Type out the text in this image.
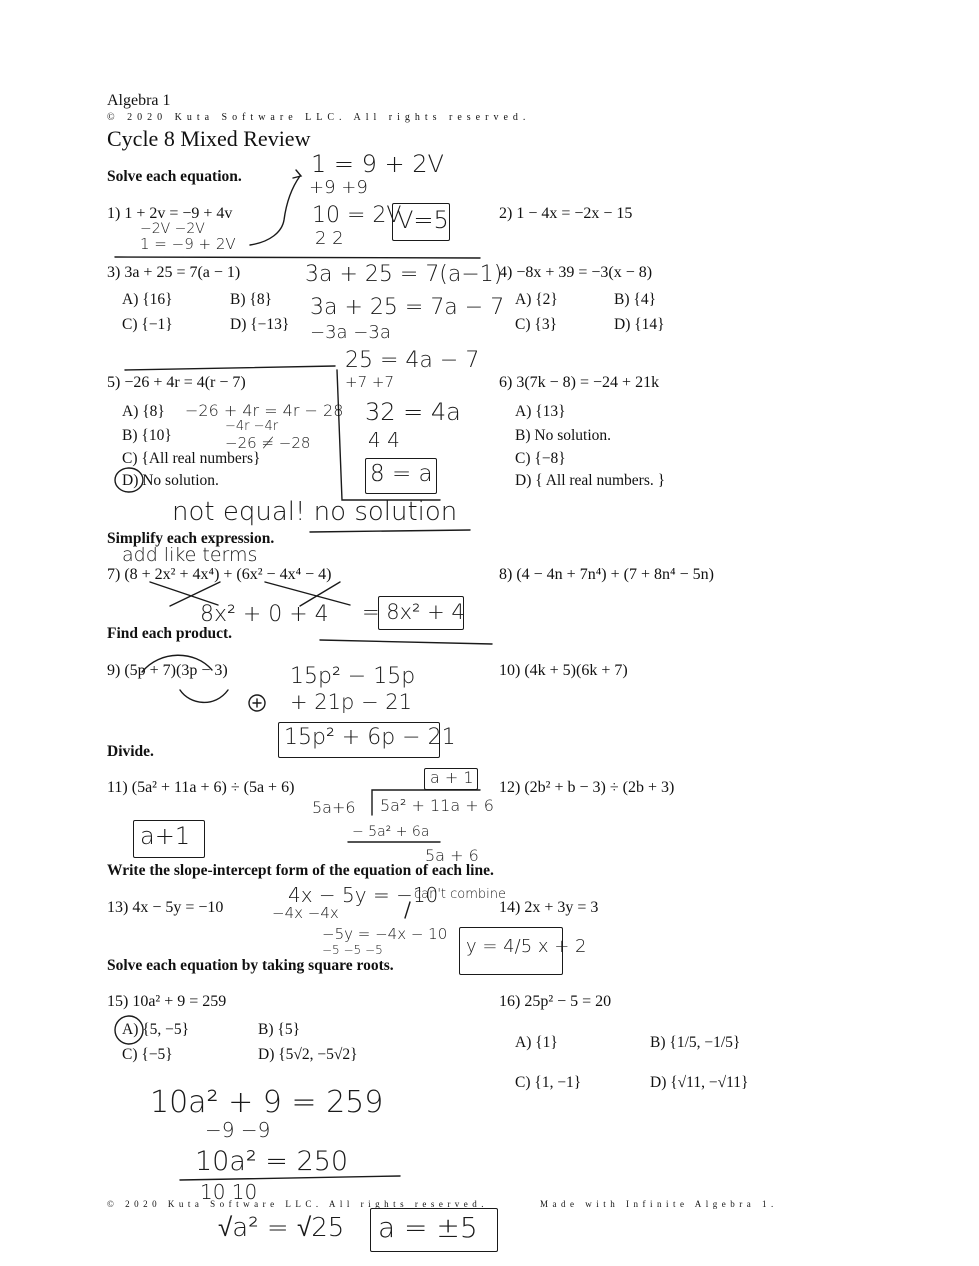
Algebra 1
© 2020 Kuta Software LLC. All rights reserved.
Cycle 8 Mixed Review
Solve each equation.
1) 1 + 2v = −9 + 4v	2) 1 − 4x = −2x − 15
3) 3a + 25 = 7(a − 1)
A) {16}	B) {8}
C) {−1}	D) {−13}
4) −8x + 39 = −3(x − 8)
A) {2}	B) {4}
C) {3}	D) {14}
5) −26 + 4r = 4(r − 7)
A) {8}
B) {10}
C) {All real numbers}
D) No solution.
6) 3(7k − 8) = −24 + 21k
A) {13}
B) No solution.
C) {−8}
D) { All real numbers. }
Simplify each expression.
7) (8 + 2x² + 4x⁴) + (6x² − 4x⁴ − 4)	8) (4 − 4n + 7n⁴) + (7 + 8n⁴ − 5n)
Find each product.
9) (5p + 7)(3p − 3)	10) (4k + 5)(6k + 7)
Divide.
11) (5a² + 11a + 6) ÷ (5a + 6)	12) (2b² + b − 3) ÷ (2b + 3)
Write the slope-intercept form of the equation of each line.
13) 4x − 5y = −10	14) 2x + 3y = 3
Solve each equation by taking square roots.
15) 10a² + 9 = 259
A) {5, −5}	B) {5}
C) {−5}	D) {5√2, −5√2}
16) 25p² − 5 = 20
A) {1}	B) {1/5, −1/5}
C) {1, −1}	D) {√11, −√11}
© 2020 Kuta Software LLC. All rights reserved.	Made with Infinite Algebra 1.
1 = 9 + 2V
+9 +9
10 = 2V
2 2
V=5
−2V −2V
1 = −9 + 2V
3a + 25 = 7(a−1)
3a + 25 = 7a − 7
−3a −3a
25 = 4a − 7
+7 +7
32 = 4a
4 4
8 = a
−26 + 4r = 4r − 28
−4r −4r
−26 ≠ −28
not equal! no solution
add like terms
8x² + 0 + 4 = 8x² + 4
15p² − 15p
+ 21p − 21
15p² + 6p − 21
a + 1
5a+6 5a² + 11a + 6
− 5a² + 6a
5a + 6
a+1
4x − 5y = −10
−4x −4x
can't combine
−5y = −4x − 10
−5 −5 −5	y = 4/5 x + 2
10a² + 9 = 259
−9 −9
10a² = 250
10 10
√a² = √25 a = ±5
